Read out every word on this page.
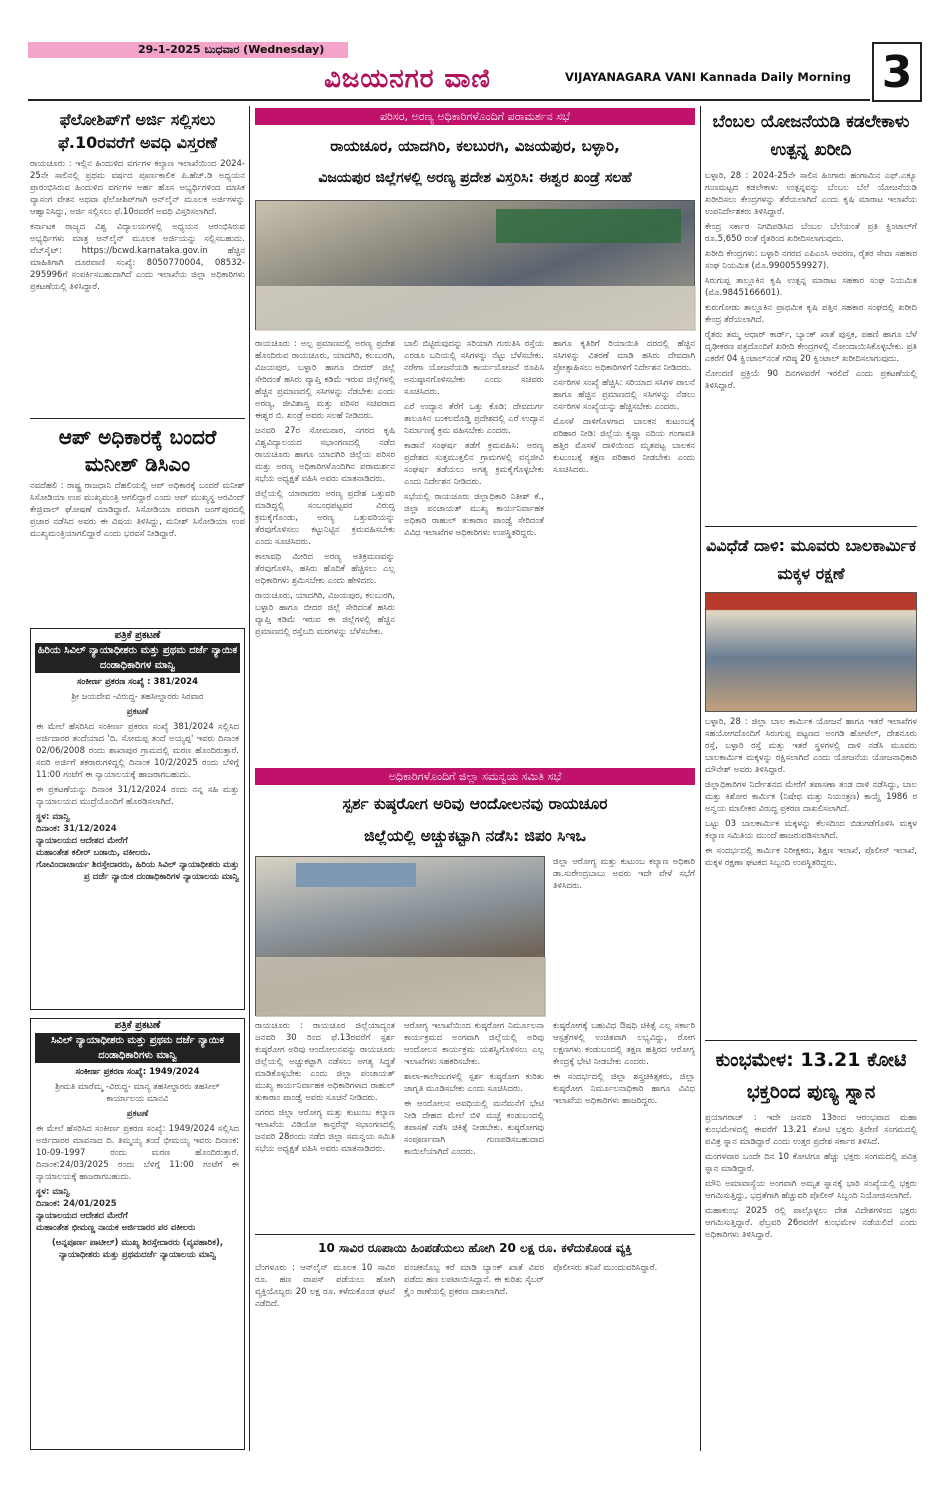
29-1-2025 ಬುಧವಾರ (Wednesday)
ವಿಜಯನಗರ ವಾಣಿ	VIJAYANAGARA VANI Kannada Daily Morning 3
ಫೆಲೋಶಿಪ್‌ಗೆ ಅರ್ಜಿ ಸಲ್ಲಿಸಲು ಫೆ.10ರವರೆಗೆ ಅವಧಿ ವಿಸ್ತರಣೆ

ರಾಯಚೂರು : ಇಲ್ಲಿನ ಹಿಂದುಳಿದ ವರ್ಗಗಳ ಕಲ್ಯಾಣ ಇಲಾಖೆಯಿಂದ 2024-25ನೇ ಸಾಲಿನಲ್ಲಿ ಪ್ರಥಮ ವರ್ಷದ ಪೂರ್ಣಕಾಲಿಕ ಪಿ.ಹೆಚ್.ಡಿ ಅಧ್ಯಯನ ಪ್ರಾರಂಭಿಸಿರುವ ಹಿಂದುಳಿದ ವರ್ಗಗಳ ಅರ್ಹ ಹೊಸ ಅಭ್ಯರ್ಥಿಗಳಿಂದ ಮಾಸಿಕ ವ್ಯಾಸಂಗ ವೇತನ ಅಥವಾ ಫೆಲೋಶಿಪ್‌ಗಾಗಿ ಆನ್‌ಲೈನ್ ಮೂಲಕ ಅರ್ಜಿಗಳನ್ನು ಆಹ್ವಾನಿಸಿದ್ದು, ಅರ್ಜಿ ಸಲ್ಲಿಸಲು ಫೆ.10ರವರೆಗೆ ಅವಧಿ ವಿಸ್ತರಿಸಲಾಗಿದೆ.

ಕರ್ನಾಟಕ ರಾಜ್ಯದ ವಿಶ್ವ ವಿದ್ಯಾಲಯಗಳಲ್ಲಿ ಅಧ್ಯಯನ ಆರಂಭಿಸಿರುವ ಅಭ್ಯರ್ಥಿಗಳು ಮಾತ್ರ ಆನ್‌ಲೈನ್ ಮೂಲಕ ಅರ್ಜಿಯನ್ನು ಸಲ್ಲಿಸಬಹುದು. ವೆಬ್‌ಸೈಟ್: https://bcwd.karnataka.gov.in ಹೆಚ್ಚಿನ ಮಾಹಿತಿಗಾಗಿ ದೂರವಾಣಿ ಸಂಖ್ಯೆ: 8050770004, 08532-295996ಗೆ ಸಂಪರ್ಕಿಸಬಹುದಾಗಿದೆ ಎಂದು ಇಲಾಖೆಯ ಜಿಲ್ಲಾ ಅಧಿಕಾರಿಗಳು ಪ್ರಕಟಣೆಯಲ್ಲಿ ತಿಳಿಸಿದ್ದಾರೆ.

ಆಪ್ ಅಧಿಕಾರಕ್ಕೆ ಬಂದರೆ ಮನೀಶ್ ಡಿಸಿಎಂ

ನವದೆಹಲಿ : ರಾಷ್ಟ್ರ ರಾಜಧಾನಿ ದೆಹಲಿಯಲ್ಲಿ ಆಪ್ ಅಧಿಕಾರಕ್ಕೆ ಬಂದರೆ ಮನೀಶ್ ಸಿಸೋಡಿಯಾ ಉಪ ಮುಖ್ಯಮಂತ್ರಿ ಆಗಲಿದ್ದಾರೆ ಎಂದು ಆಪ್ ಮುಖ್ಯಸ್ಥ ಅರವಿಂದ್ ಕೇಜ್ರಿವಾಲ್ ಘೋಷಣೆ ಮಾಡಿದ್ದಾರೆ. ಸಿಸೋಡಿಯಾ ಪರವಾಗಿ ಜಂಗ್‌ಪುರದಲ್ಲಿ ಪ್ರಚಾರ ನಡೆಸಿದ ಅವರು ಈ ವಿಷಯ ತಿಳಿಸಿದ್ದು, ಮನೀಶ್ ಸಿಸೋಡಿಯಾ ಉಪ ಮುಖ್ಯಮಂತ್ರಿಯಾಗಲಿದ್ದಾರೆ ಎಂದು ಭರವಸೆ ನೀಡಿದ್ದಾರೆ.

ಪತ್ರಿಕೆ ಪ್ರಕಟಣೆ
ಹಿರಿಯ ಸಿವಿಲ್ ನ್ಯಾಯಾಧೀಶರು ಮತ್ತು ಪ್ರಥಮ ದರ್ಜೆ ನ್ಯಾಯಿಕ ದಂಡಾಧಿಕಾರಿಗಳ ಮಾನ್ವಿ
ಸಂಕೀರ್ಣ ಪ್ರಕರಣ ಸಂಖ್ಯೆ : 381/2024

ಶ್ರೀ ಜಯದೇವ -ವಿರುದ್ಧ- ತಹಸೀಲ್ದಾರರು ಸಿರವಾರ

ಪ್ರಕಟಣೆ

ಈ ಮೇಲೆ ಹೆಸರಿಸಿದ ಸಂಕೀರ್ಣ ಪ್ರಕರಣ ಸಂಖ್ಯೆ 381/2024 ಸಲ್ಲಿಸಿದ ಅರ್ಜಿದಾರರ ತಂದೆಯಾದ 'ದಿ. ಸೋಮಪ್ಪ ತಂದೆ ಅಯ್ಯಪ್ಪ' ಇವರು ದಿನಾಂಕ 02/06/2008 ರಂದು ಶಾಖಾಪುರ ಗ್ರಾಮದಲ್ಲಿ ಮರಣ ಹೊಂದಿರುತ್ತಾರೆ. ಸದರಿ ಅರ್ಜಿಗೆ ತಕರಾರುಗಳಿದ್ದಲ್ಲಿ ದಿನಾಂಕ 10/2/2025 ರಂದು ಬೆಳಿಗ್ಗೆ 11:00 ಗಂಟೆಗೆ ಈ ನ್ಯಾಯಾಲಯಕ್ಕೆ ಹಾಜರಾಗಬಹುದು.

ಈ ಪ್ರಕಟಣೆಯನ್ನು ದಿನಾಂಕ 31/12/2024 ರಂದು ನನ್ನ ಸಹಿ ಮತ್ತು ನ್ಯಾಯಾಲಯದ ಮುದ್ರೆಯೊಂದಿಗೆ ಹೊರಡಿಸಲಾಗಿದೆ.

ಸ್ಥಳ: ಮಾನ್ವಿ

ದಿನಾಂಕ: 31/12/2024

ನ್ಯಾಯಾಲಯದ ಆದೇಶದ ಮೇರೆಗೆ

ಮಹಾಂತೇಶ ಕಲೀರ್ ಬಡಾಯಿ, ವಕೀಲರು.

ಗೋವಿಂದಾಚಾರ್ಯ ಶಿರಸ್ತೇದಾರರು, ಹಿರಿಯ ಸಿವಿಲ್ ನ್ಯಾಯಾಧೀಶರು ಮತ್ತು ಪ್ರ ದರ್ಜೆ ನ್ಯಾಯಿಕ ದಂಡಾಧಿಕಾರಿಗಳ ನ್ಯಾಯಾಲಯ ಮಾನ್ವಿ

ಪತ್ರಿಕೆ ಪ್ರಕಟಣೆ
ಸಿವಿಲ್ ನ್ಯಾಯಾಧೀಶರು ಮತ್ತು ಪ್ರಥಮ ದರ್ಜೆ ನ್ಯಾಯಿಕ ದಂಡಾಧಿಕಾರಿಗಳು ಮಾನ್ವಿ
ಸಂಕೀರ್ಣ ಪ್ರಕರಣ ಸಂಖ್ಯೆ: 1949/2024

ಶ್ರೀಮತಿ ಮಾರೆಮ್ಮ -ವಿರುದ್ಧ- ಮಾನ್ಯ ತಹಸೀಲ್ದಾರರು ತಹಸೀಲ್ ಕಾರ್ಯಾಲಯ ಮಾನವಿ

ಪ್ರಕಟಣೆ

ಈ ಮೇಲೆ ಹೆಸರಿಸಿದ ಸಂಕೀರ್ಣ ಪ್ರಕರಣ ಸಂಖ್ಯೆ: 1949/2024 ಸಲ್ಲಿಸಿದ ಅರ್ಜಿದಾರರ ಮಾವನಾದ ದಿ. ತಿಮ್ಮಯ್ಯ ತಂದೆ ಭೀಮಯ್ಯ ಇವರು ದಿನಾಂಕ: 10-09-1997 ರಂದು ಮರಣ ಹೊಂದಿರುತ್ತಾರೆ. ದಿನಾಂಕ:24/03/2025 ರಂದು ಬೆಳಿಗ್ಗೆ 11:00 ಗಂಟೆಗೆ ಈ ನ್ಯಾಯಾಲಯಕ್ಕೆ ಹಾಜರಾಗಬಹುದು.

ಸ್ಥಳ: ಮಾನ್ವಿ

ದಿನಾಂಕ: 24/01/2025

ನ್ಯಾಯಾಲಯದ ಆದೇಶದ ಮೇರೆಗೆ

ಮಹಾಂತೇಶ ಭೀಮಣ್ಣ ನಾಯಕ ಅರ್ಜಿದಾರರ ಪರ ವಕೀಲರು

(ಅನ್ನಪೂರ್ಣ ಪಾಟೀಲ್) ಮುಖ್ಯ ಶಿರಸ್ತೇದಾರರು (ವ್ಯವಹಾರಿಕ), ನ್ಯಾಯಾಧೀಶರು ಮತ್ತು ಪ್ರಥಮದರ್ಜೆ ನ್ಯಾಯಾಲಯ ಮಾನ್ವಿ

ಪರಿಸರ, ಅರಣ್ಯ ಅಧಿಕಾರಿಗಳೊಂದಿಗೆ ಪರಾಮರ್ಶನ ಸಭೆ
ರಾಯಚೂರ, ಯಾದಗಿರಿ, ಕಲಬುರಗಿ, ವಿಜಯಪುರ, ಬಳ್ಳಾರಿ,
ವಿಜಯಪುರ ಜಿಲ್ಲೆಗಳಲ್ಲಿ ಅರಣ್ಯ ಪ್ರದೇಶ ವಿಸ್ತರಿಸಿ: ಈಶ್ವರ ಖಂಡ್ರೆ ಸಲಹೆ

ರಾಯಚೂರು : ಅಲ್ಪ ಪ್ರಮಾಣದಲ್ಲಿ ಅರಣ್ಯ ಪ್ರದೇಶ ಹೊಂದಿರುವ ರಾಯಚೂರು, ಯಾದಗಿರಿ, ಕಲಬುರಗಿ, ವಿಜಯಪುರ, ಬಳ್ಳಾರಿ ಹಾಗೂ ಬೀದರ್ ಜಿಲ್ಲೆ ಸೇರಿದಂತೆ ಹಸಿರು ವ್ಯಾಪ್ತಿ ಕಡಿಮೆ ಇರುವ ಜಿಲ್ಲೆಗಳಲ್ಲಿ ಹೆಚ್ಚಿನ ಪ್ರಮಾಣದಲ್ಲಿ ಸಸಿಗಳನ್ನು ನೆಡಬೇಕು ಎಂದು ಅರಣ್ಯ, ಜೀವಿಶಾಸ್ತ್ರ ಮತ್ತು ಪರಿಸರ ಸಚಿವರಾದ ಈಶ್ವರ ಬಿ. ಖಂಡ್ರೆ ಅವರು ಸಲಹೆ ನೀಡಿದರು.

ಜನವರಿ 27ರ ಸೋಮವಾರ, ನಗರದ ಕೃಷಿ ವಿಶ್ವವಿದ್ಯಾಲಯದ ಸಭಾಂಗಣದಲ್ಲಿ ನಡೆದ ರಾಯಚೂರು ಹಾಗೂ ಯಾದಗಿರಿ ಜಿಲ್ಲೆಯ ಪರಿಸರ ಮತ್ತು ಅರಣ್ಯ ಅಧಿಕಾರಿಗಳೊಂದಿಗಿನ ಪರಾಮರ್ಶನ ಸಭೆಯ ಅಧ್ಯಕ್ಷತೆ ವಹಿಸಿ ಅವರು ಮಾತನಾಡಿದರು.

ಜಿಲ್ಲೆಯಲ್ಲಿ ಯಾರಾದರು ಅರಣ್ಯ ಪ್ರದೇಶ ಒತ್ತುವರಿ ಮಾಡಿದ್ದಲ್ಲಿ ಸಂಬಂಧಪಟ್ಟವರ ವಿರುದ್ಧ ಕ್ರಮಕೈಗೊಂಡು, ಅರಣ್ಯ ಒತ್ತುವರಿಯನ್ನು ತೆರವುಗೊಳಿಸಲು ಕಟ್ಟುನಿಟ್ಟಿನ ಕ್ರಮವಹಿಸಬೇಕು ಎಂದು ಸೂಚಿಸಿದರು.

ಕಾಲಾವಧಿ ಮೀರಿದ ಅರಣ್ಯ ಅತಿಕ್ರಮಣವನ್ನು ತೆರವುಗೊಳಿಸಿ, ಹಸಿರು ಹೊದಿಕೆ ಹೆಚ್ಚಿಸಲು ಎಲ್ಲ ಅಧಿಕಾರಿಗಳು ಶ್ರಮಿಸಬೇಕು ಎಂದು ಹೇಳಿದರು.

ರಾಯಚೂರು, ಯಾದಗಿರಿ, ವಿಜಯಪುರ, ಕಲಬುರಗಿ, ಬಳ್ಳಾರಿ ಹಾಗೂ ಬೀದರ ಜಿಲ್ಲೆ ಸೇರಿದಂತೆ ಹಸಿರು ವ್ಯಾಪ್ತಿ ಕಡಿಮೆ ಇರುವ ಈ ಜಿಲ್ಲೆಗಳಲ್ಲಿ ಹೆಚ್ಚಿನ ಪ್ರಮಾಣದಲ್ಲಿ ರಸ್ತೆಬದಿ ಮರಗಳನ್ನು ಬೆಳೆಸಬೇಕು.

ಬಾಲಿ ಬಿಟ್ಟಿರುವುದನ್ನು ಸರಿಯಾಗಿ ಗುರುತಿಸಿ ರಸ್ತೆಯ ಎರಡೂ ಬದಿಯಲ್ಲಿ ಸಸಿಗಳನ್ನು ನೆಟ್ಟು ಬೆಳೆಸಬೇಕು. ನರೇಗಾ ಯೋಜನೆಯಡಿ ಕಾರ್ಯಯೋಜನೆ ರೂಪಿಸಿ ಅನುಷ್ಠಾನಗೊಳಿಸಬೇಕು ಎಂದು ಸಚಿವರು ಸೂಚಿಸಿದರು.

ಎರೆ ಉದ್ಯಾನ ತೆರೆಗೆ ಒತ್ತು ಕೊಡಿ: ದೇವದುರ್ಗ ತಾಲೂಕಿನ ಬಂಕಲದೊಡ್ಡಿ ಪ್ರದೇಶದಲ್ಲಿ ಎರೆ ಉದ್ಯಾನ ನಿರ್ಮಾಣಕ್ಕೆ ಕ್ರಮ ವಹಿಸಬೇಕು ಎಂದರು.

ಕಾಡಾನೆ ಸಂಘರ್ಷ ತಡೆಗೆ ಕ್ರಮವಹಿಸಿ: ಅರಣ್ಯ ಪ್ರದೇಶದ ಸುತ್ತಮುತ್ತಲಿನ ಗ್ರಾಮಗಳಲ್ಲಿ ವನ್ಯಜೀವಿ ಸಂಘರ್ಷ ತಡೆಯಲು ಅಗತ್ಯ ಕ್ರಮಕೈಗೊಳ್ಳಬೇಕು ಎಂದು ನಿರ್ದೇಶನ ನೀಡಿದರು.

ಸಭೆಯಲ್ಲಿ ರಾಯಚೂರು ಜಿಲ್ಲಾಧಿಕಾರಿ ನಿತೀಶ್ ಕೆ., ಜಿಲ್ಲಾ ಪಂಚಾಯತ್ ಮುಖ್ಯ ಕಾರ್ಯನಿರ್ವಾಹಕ ಅಧಿಕಾರಿ ರಾಹುಲ್ ತುಕಾರಾಂ ಪಾಂಡ್ವೆ ಸೇರಿದಂತೆ ವಿವಿಧ ಇಲಾಖೆಗಳ ಅಧಿಕಾರಿಗಳು ಉಪಸ್ಥಿತರಿದ್ದರು.

ಹಾಗೂ ಕೃತಿರಿಗೆ ರಿಯಾಯಿತಿ ದರದಲ್ಲಿ ಹೆಚ್ಚಿನ ಸಸಿಗಳನ್ನು ವಿತರಣೆ ಮಾಡಿ ಹಸಿರು ದೇವದಾಗಿ ಪ್ರೋತ್ಸಾಹಿಸಲು ಅಧಿಕಾರಿಗಳಿಗೆ ನಿರ್ದೇಶನ ನೀಡಿದರು.

ನರ್ಸರಿಗಳ ಸಂಖ್ಯೆ ಹೆಚ್ಚಿಸಿ: ಸರಿಯಾದ ಸಸಿಗಳ ಪಾಲನೆ ಹಾಗೂ ಹೆಚ್ಚಿನ ಪ್ರಮಾಣದಲ್ಲಿ ಸಸಿಗಳನ್ನು ನೆಡಲು ನರ್ಸರಿಗಳ ಸಂಖ್ಯೆಯನ್ನು ಹೆಚ್ಚಿಸಬೇಕು ಎಂದರು.

ಮೊಸಳೆ ದಾಳಿಗೊಳಗಾದ ಬಾಲಕನ ಕುಟುಂಬಕ್ಕೆ ಪರಿಹಾರ ನೀಡಿ: ಜಿಲ್ಲೆಯ ಕೃಷ್ಣಾ ನದಿಯ ಗಂಗಾವತಿ ಹತ್ತಿರ ಮೊಸಳೆ ದಾಳಿಯಿಂದ ಮೃತಪಟ್ಟ ಬಾಲಕನ ಕುಟುಂಬಕ್ಕೆ ತಕ್ಷಣ ಪರಿಹಾರ ನೀಡಬೇಕು ಎಂದು ಸೂಚಿಸಿದರು.

ಅಧಿಕಾರಿಗಳೊಂದಿಗೆ ಜಿಲ್ಲಾ ಸಮನ್ವಯ ಸಮಿತಿ ಸಭೆ
ಸ್ಪರ್ಶ ಕುಷ್ಠರೋಗ ಅರಿವು ಆಂದೋಲನವು ರಾಯಚೂರ
ಜಿಲ್ಲೆಯಲ್ಲಿ ಅಚ್ಚುಕಟ್ಟಾಗಿ ನಡೆಸಿ: ಜಿಪಂ ಸಿಇಒ

ಜಿಲ್ಲಾ ಆರೋಗ್ಯ ಮತ್ತು ಕುಟುಂಬ ಕಲ್ಯಾಣ ಅಧಿಕಾರಿ ಡಾ.ಸುರೇಂದ್ರಬಾಬು ಅವರು ಇದೇ ವೇಳೆ ಸಭೆಗೆ ತಿಳಿಸಿದರು.

ರಾಯಚೂರು : ರಾಯಚೂರ ಜಿಲ್ಲೆಯಾದ್ಯಂತ ಜನವರಿ 30 ರಿಂದ ಫೆ.13ರವರೆಗೆ ಸ್ಪರ್ಶ ಕುಷ್ಠರೋಗ ಅರಿವು ಆಂದೋಲನವನ್ನು ರಾಯಚೂರು ಜಿಲ್ಲೆಯಲ್ಲಿ ಅಚ್ಚುಕಟ್ಟಾಗಿ ನಡೆಸಲು ಅಗತ್ಯ ಸಿದ್ಧತೆ ಮಾಡಿಕೊಳ್ಳಬೇಕು ಎಂದು ಜಿಲ್ಲಾ ಪಂಚಾಯತ್ ಮುಖ್ಯ ಕಾರ್ಯನಿರ್ವಾಹಕ ಅಧಿಕಾರಿಗಳಾದ ರಾಹುಲ್ ತುಕಾರಾಂ ಪಾಂಡ್ವೆ ಅವರು ಸೂಚನೆ ನೀಡಿದರು.

ನಗರದ ಜಿಲ್ಲಾ ಆರೋಗ್ಯ ಮತ್ತು ಕುಟುಂಬ ಕಲ್ಯಾಣ ಇಲಾಖೆಯ ವಿಡಿಯೋ ಕಾನ್ಫರೆನ್ಸ್ ಸಭಾಂಗಣದಲ್ಲಿ ಜನವರಿ 28ರಂದು ನಡೆದ ಜಿಲ್ಲಾ ಸಮನ್ವಯ ಸಮಿತಿ ಸಭೆಯ ಅಧ್ಯಕ್ಷತೆ ವಹಿಸಿ ಅವರು ಮಾತನಾಡಿದರು.

ಆರೋಗ್ಯ ಇಲಾಖೆಯಿಂದ ಕುಷ್ಠರೋಗ ನಿರ್ಮೂಲನಾ ಕಾರ್ಯಕ್ರಮದ ಅಂಗವಾಗಿ ಜಿಲ್ಲೆಯಲ್ಲಿ ಅರಿವು ಆಂದೋಲನ ಕಾರ್ಯಕ್ರಮ ಯಶಸ್ವಿಗೊಳಿಸಲು ಎಲ್ಲ ಇಲಾಖೆಗಳು ಸಹಕರಿಸಬೇಕು.

ಶಾಲಾ-ಕಾಲೇಜುಗಳಲ್ಲಿ ಸ್ಪರ್ಶ ಕುಷ್ಠರೋಗ ಕುರಿತು ಜಾಗೃತಿ ಮೂಡಿಸಬೇಕು ಎಂದು ಸೂಚಿಸಿದರು.

ಈ ಆಂದೋಲನ ಅವಧಿಯಲ್ಲಿ ಮನೆಮನೆಗೆ ಭೇಟಿ ನೀಡಿ ದೇಹದ ಮೇಲೆ ಬಿಳಿ ಮಚ್ಚೆ ಕಂಡುಬಂದಲ್ಲಿ ತಪಾಸಣೆ ನಡೆಸಿ ಚಿಕಿತ್ಸೆ ನೀಡಬೇಕು. ಕುಷ್ಠರೋಗವು ಸಂಪೂರ್ಣವಾಗಿ ಗುಣಪಡಿಸಬಹುದಾದ ಕಾಯಿಲೆಯಾಗಿದೆ ಎಂದರು.

ಕುಷ್ಠರೋಗಕ್ಕೆ ಬಹುವಿಧ ಔಷಧಿ ಚಿಕಿತ್ಸೆ ಎಲ್ಲ ಸರ್ಕಾರಿ ಆಸ್ಪತ್ರೆಗಳಲ್ಲಿ ಉಚಿತವಾಗಿ ಲಭ್ಯವಿದ್ದು, ರೋಗ ಲಕ್ಷಣಗಳು ಕಂಡುಬಂದಲ್ಲಿ ತಕ್ಷಣ ಹತ್ತಿರದ ಆರೋಗ್ಯ ಕೇಂದ್ರಕ್ಕೆ ಭೇಟಿ ನೀಡಬೇಕು ಎಂದರು.

ಈ ಸಂದರ್ಭದಲ್ಲಿ ಜಿಲ್ಲಾ ಶಸ್ತ್ರಚಿಕಿತ್ಸಕರು, ಜಿಲ್ಲಾ ಕುಷ್ಠರೋಗ ನಿರ್ಮೂಲನಾಧಿಕಾರಿ ಹಾಗೂ ವಿವಿಧ ಇಲಾಖೆಯ ಅಧಿಕಾರಿಗಳು ಹಾಜರಿದ್ದರು.

10 ಸಾವಿರ ರೂಪಾಯಿ ಹಿಂಪಡೆಯಲು ಹೋಗಿ 20 ಲಕ್ಷ ರೂ. ಕಳೆದುಕೊಂಡ ವ್ಯಕ್ತಿ

ಬೆಂಗಳೂರು : ಆನ್‌ಲೈನ್ ಮೂಲಕ 10 ಸಾವಿರ ರೂ. ಹಣ ವಾಪಸ್ ಪಡೆಯಲು ಹೋಗಿ ವ್ಯಕ್ತಿಯೊಬ್ಬರು 20 ಲಕ್ಷ ರೂ. ಕಳೆದುಕೊಂಡ ಘಟನೆ ನಡೆದಿದೆ.

ವಂಚಕನೊಬ್ಬ ಕರೆ ಮಾಡಿ ಬ್ಯಾಂಕ್ ಖಾತೆ ವಿವರ ಪಡೆದು ಹಣ ಲಪಟಾಯಿಸಿದ್ದಾನೆ. ಈ ಕುರಿತು ಸೈಬರ್ ಕ್ರೈಂ ಠಾಣೆಯಲ್ಲಿ ಪ್ರಕರಣ ದಾಖಲಾಗಿದೆ.

ಪೊಲೀಸರು ತನಿಖೆ ಮುಂದುವರಿಸಿದ್ದಾರೆ.

ಬೆಂಬಲ ಯೋಜನೆಯಡಿ ಕಡಲೇಕಾಳು ಉತ್ಪನ್ನ ಖರೀದಿ

ಬಳ್ಳಾರಿ, 28 : 2024-25ನೇ ಸಾಲಿನ ಹಿಂಗಾರು ಹಂಗಾಮಿನ ಎಫ್.ಎಕ್ಯೂ ಗುಣಮಟ್ಟದ ಕಡಲೇಕಾಳು ಉತ್ಪನ್ನವನ್ನು ಬೆಂಬಲ ಬೆಲೆ ಯೋಜನೆಯಡಿ ಖರೀದಿಸಲು ಕೇಂದ್ರಗಳನ್ನು ತೆರೆಯಲಾಗಿದೆ ಎಂದು ಕೃಷಿ ಮಾರಾಟ ಇಲಾಖೆಯ ಉಪನಿರ್ದೇಶಕರು ತಿಳಿಸಿದ್ದಾರೆ.

ಕೇಂದ್ರ ಸರ್ಕಾರ ನಿಗದಿಪಡಿಸಿದ ಬೆಂಬಲ ಬೆಲೆಯಂತೆ ಪ್ರತಿ ಕ್ವಿಂಟಾಲ್‌ಗೆ ರೂ.5,650 ರಂತೆ ರೈತರಿಂದ ಖರೀದಿಸಲಾಗುವುದು.

ಖರೀದಿ ಕೇಂದ್ರಗಳು: ಬಳ್ಳಾರಿ ನಗರದ ಎಪಿಎಂಸಿ ಆವರಣ, ರೈತರ ಸೇವಾ ಸಹಕಾರ ಸಂಘ ನಿಯಮಿತ (ಮೊ.9900559927).

ಸಿರುಗುಪ್ಪ ತಾಲ್ಲೂಕಿನ ಕೃಷಿ ಉತ್ಪನ್ನ ಮಾರಾಟ ಸಹಕಾರ ಸಂಘ ನಿಯಮಿತ (ಮೊ.9845166601).

ಕುರುಗೋಡು ತಾಲ್ಲೂಕಿನ ಪ್ರಾಥಮಿಕ ಕೃಷಿ ಪತ್ತಿನ ಸಹಕಾರ ಸಂಘದಲ್ಲಿ ಖರೀದಿ ಕೇಂದ್ರ ತೆರೆಯಲಾಗಿದೆ.

ರೈತರು ತಮ್ಮ ಆಧಾರ್ ಕಾರ್ಡ್, ಬ್ಯಾಂಕ್ ಖಾತೆ ಪುಸ್ತಕ, ಪಹಣಿ ಹಾಗೂ ಬೆಳೆ ದೃಢೀಕರಣ ಪತ್ರದೊಂದಿಗೆ ಖರೀದಿ ಕೇಂದ್ರಗಳಲ್ಲಿ ನೋಂದಾಯಿಸಿಕೊಳ್ಳಬೇಕು. ಪ್ರತಿ ಎಕರೆಗೆ 04 ಕ್ವಿಂಟಾಲ್‌ನಂತೆ ಗರಿಷ್ಠ 20 ಕ್ವಿಂಟಾಲ್ ಖರೀದಿಸಲಾಗುವುದು.

ನೋಂದಣಿ ಪ್ರಕ್ರಿಯೆ 90 ದಿನಗಳವರೆಗೆ ಇರಲಿದೆ ಎಂದು ಪ್ರಕಟಣೆಯಲ್ಲಿ ತಿಳಿಸಿದ್ದಾರೆ.

ವಿವಿಧೆಡೆ ದಾಳಿ: ಮೂವರು ಬಾಲಕಾರ್ಮಿಕ ಮಕ್ಕಳ ರಕ್ಷಣೆ

ಬಳ್ಳಾರಿ, 28 : ಜಿಲ್ಲಾ ಬಾಲ ಕಾರ್ಮಿಕ ಯೋಜನೆ ಹಾಗೂ ಇತರೆ ಇಲಾಖೆಗಳ ಸಹಯೋಗದೊಂದಿಗೆ ಸಿರುಗುಪ್ಪ ಪಟ್ಟಣದ ಅಂಗಡಿ ಹೋಟೆಲ್, ದೇಶನೂರು ರಸ್ತೆ, ಬಳ್ಳಾರಿ ರಸ್ತೆ ಮತ್ತು ಇತರೆ ಸ್ಥಳಗಳಲ್ಲಿ ದಾಳಿ ನಡೆಸಿ ಮೂವರು ಬಾಲಕಾರ್ಮಿಕ ಮಕ್ಕಳನ್ನು ರಕ್ಷಿಸಲಾಗಿದೆ ಎಂದು ಯೋಜನೆಯ ಯೋಜನಾಧಿಕಾರಿ ಮೌನೇಶ್ ಅವರು ತಿಳಿಸಿದ್ದಾರೆ.

ಜಿಲ್ಲಾಧಿಕಾರಿಗಳ ನಿರ್ದೇಶನದ ಮೇರೆಗೆ ತಪಾಸಣಾ ತಂಡ ದಾಳಿ ನಡೆಸಿದ್ದು, ಬಾಲ ಮತ್ತು ಕಿಶೋರ ಕಾರ್ಮಿಕ (ನಿಷೇಧ ಮತ್ತು ನಿಯಂತ್ರಣ) ಕಾಯ್ದೆ 1986 ರ ಅನ್ವಯ ಮಾಲೀಕರ ವಿರುದ್ಧ ಪ್ರಕರಣ ದಾಖಲಿಸಲಾಗಿದೆ.

ಒಟ್ಟು 03 ಬಾಲಕಾರ್ಮಿಕ ಮಕ್ಕಳನ್ನು ಕೆಲಸದಿಂದ ಬಿಡುಗಡೆಗೊಳಿಸಿ ಮಕ್ಕಳ ಕಲ್ಯಾಣ ಸಮಿತಿಯ ಮುಂದೆ ಹಾಜರುಪಡಿಸಲಾಗಿದೆ.

ಈ ಸಂದರ್ಭದಲ್ಲಿ ಕಾರ್ಮಿಕ ನಿರೀಕ್ಷಕರು, ಶಿಕ್ಷಣ ಇಲಾಖೆ, ಪೊಲೀಸ್ ಇಲಾಖೆ, ಮಕ್ಕಳ ರಕ್ಷಣಾ ಘಟಕದ ಸಿಬ್ಬಂದಿ ಉಪಸ್ಥಿತರಿದ್ದರು.

ಕುಂಭಮೇಳ: 13.21 ಕೋಟಿ ಭಕ್ತರಿಂದ ಪುಣ್ಯ ಸ್ನಾನ

ಪ್ರಯಾಗರಾಜ್ : ಇದೇ ಜನವರಿ 13ರಿಂದ ಆರಂಭವಾದ ಮಹಾ ಕುಂಭಮೇಳದಲ್ಲಿ ಈವರೆಗೆ 13.21 ಕೋಟಿ ಭಕ್ತರು ತ್ರಿವೇಣಿ ಸಂಗಮದಲ್ಲಿ ಪವಿತ್ರ ಸ್ನಾನ ಮಾಡಿದ್ದಾರೆ ಎಂದು ಉತ್ತರ ಪ್ರದೇಶ ಸರ್ಕಾರ ತಿಳಿಸಿದೆ.

ಮಂಗಳವಾರ ಒಂದೇ ದಿನ 10 ಕೋಟಿಗೂ ಹೆಚ್ಚು ಭಕ್ತರು ಸಂಗಮದಲ್ಲಿ ಪವಿತ್ರ ಸ್ನಾನ ಮಾಡಿದ್ದಾರೆ.

ಮೌನಿ ಅಮಾವಾಸ್ಯೆಯ ಅಂಗವಾಗಿ ಅಮೃತ ಸ್ನಾನಕ್ಕೆ ಭಾರಿ ಸಂಖ್ಯೆಯಲ್ಲಿ ಭಕ್ತರು ಆಗಮಿಸುತ್ತಿದ್ದು, ಭದ್ರತೆಗಾಗಿ ಹೆಚ್ಚುವರಿ ಪೊಲೀಸ್ ಸಿಬ್ಬಂದಿ ನಿಯೋಜಿಸಲಾಗಿದೆ.

ಮಹಾಕುಂಭ 2025 ರಲ್ಲಿ ಪಾಲ್ಗೊಳ್ಳಲು ದೇಶ ವಿದೇಶಗಳಿಂದ ಭಕ್ತರು ಆಗಮಿಸುತ್ತಿದ್ದಾರೆ. ಫೆಬ್ರವರಿ 26ರವರೆಗೆ ಕುಂಭಮೇಳ ನಡೆಯಲಿದೆ ಎಂದು ಅಧಿಕಾರಿಗಳು ತಿಳಿಸಿದ್ದಾರೆ.
